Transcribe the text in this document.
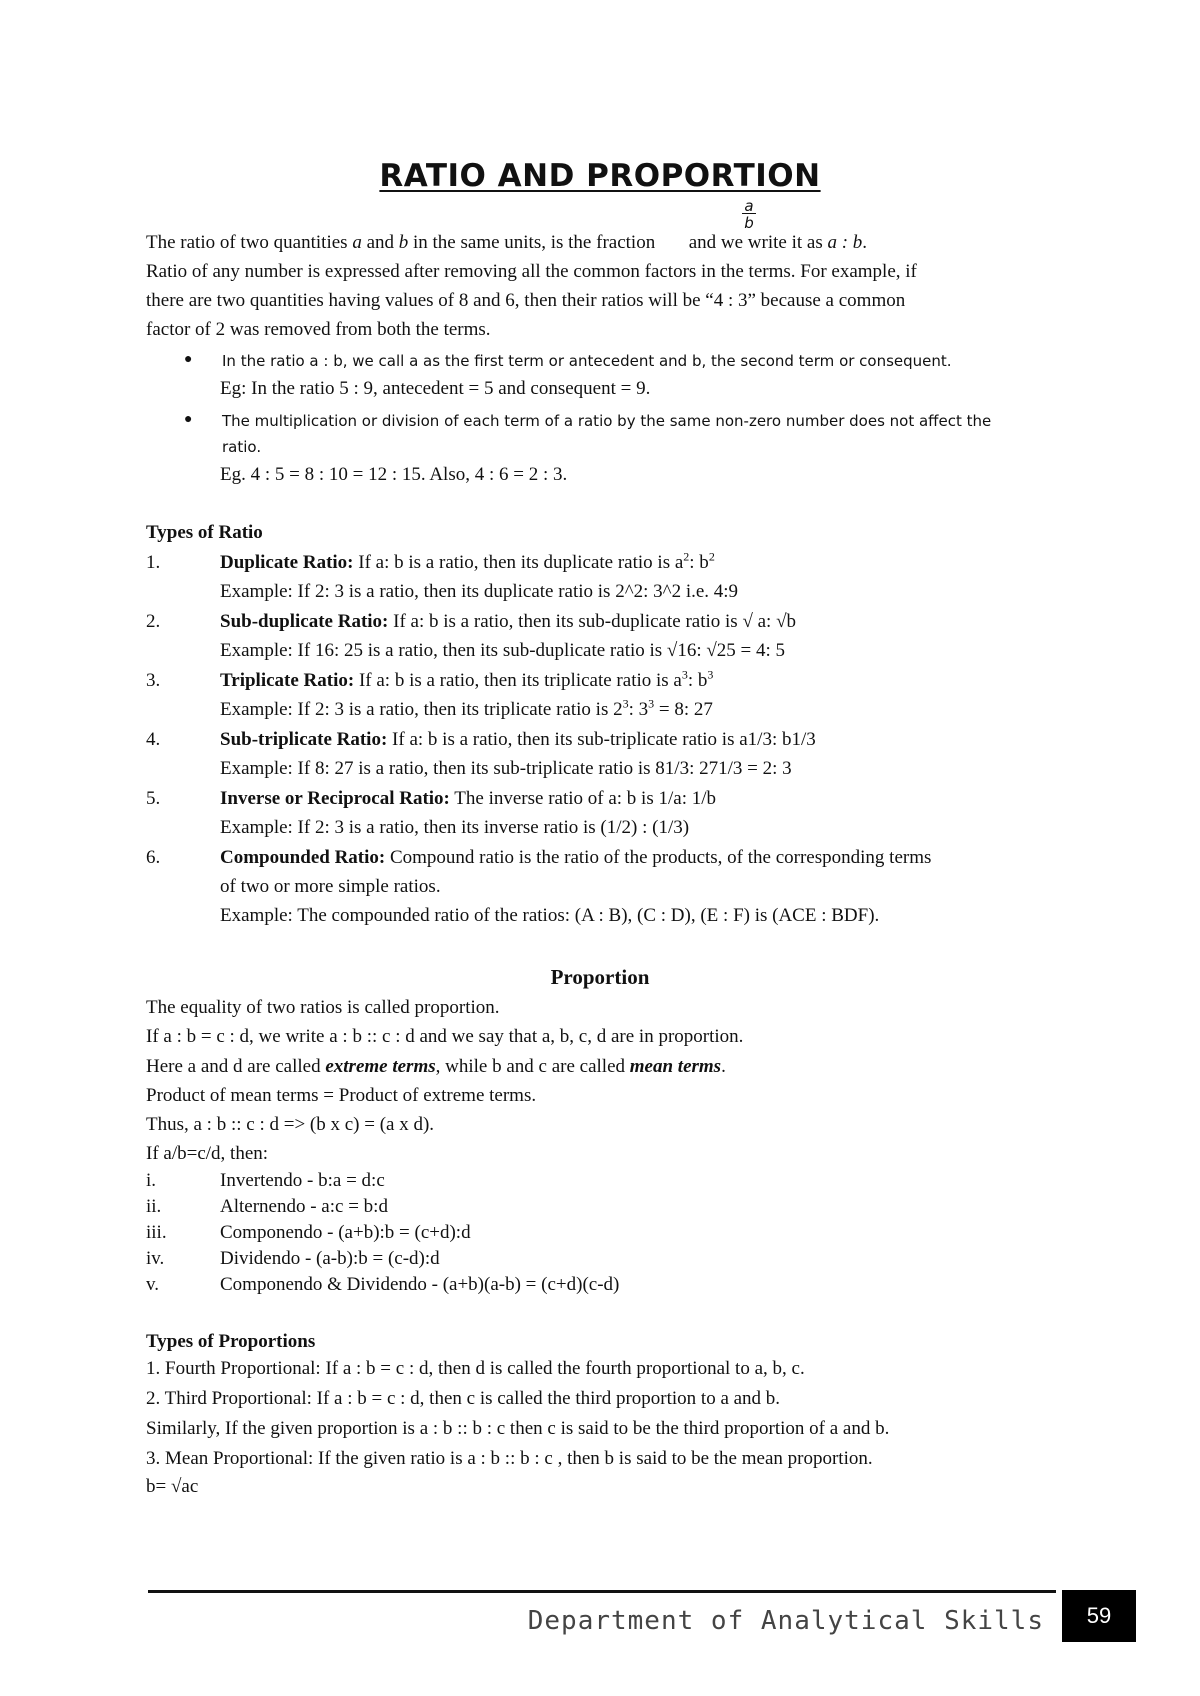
RATIO AND PROPORTION
$\frac{a}{b}$
The ratio of two quantities a and b in the same units, is the fraction  and we write it as a : b.
Ratio of any number is expressed after removing all the common factors in the terms. For example, if
there are two quantities having values of 8 and 6, then their ratios will be “4 : 3” because a common
factor of 2 was removed from both the terms.
● In the ratio a : b, we call a as the first term or antecedent and b, the second term or consequent.
Eg: In the ratio 5 : 9, antecedent = 5 and consequent = 9.
● The multiplication or division of each term of a ratio by the same non-zero number does not affect the
ratio.
Eg. 4 : 5 = 8 : 10 = 12 : 15. Also, 4 : 6 = 2 : 3.
Types of Ratio
1.	Duplicate Ratio: If a: b is a ratio, then its duplicate ratio is $a^2$: $b^2$
Example: If 2: 3 is a ratio, then its duplicate ratio is 2^2: 3^2 i.e. 4:9
2.	Sub-duplicate Ratio: If a: b is a ratio, then its sub-duplicate ratio is √ a: √b
Example: If 16: 25 is a ratio, then its sub-duplicate ratio is √16: √25 = 4: 5
3.	Triplicate Ratio: If a: b is a ratio, then its triplicate ratio is $a^3$: $b^3$
Example: If 2: 3 is a ratio, then its triplicate ratio is $2^3$: $3^3 = 8$: 27
4.	Sub-triplicate Ratio: If a: b is a ratio, then its sub-triplicate ratio is a1/3: b1/3
Example: If 8: 27 is a ratio, then its sub-triplicate ratio is 81/3: 271/3 = 2: 3
5.	Inverse or Reciprocal Ratio: The inverse ratio of a: b is 1/a: 1/b
Example: If 2: 3 is a ratio, then its inverse ratio is (1/2) : (1/3)
6.	Compounded Ratio: Compound ratio is the ratio of the products, of the corresponding terms
of two or more simple ratios.
Example: The compounded ratio of the ratios: (A : B), (C : D), (E : F) is (ACE : BDF).
Proportion
The equality of two ratios is called proportion.
If a : b = c : d, we write a : b :: c : d and we say that a, b, c, d are in proportion.
Here a and d are called extreme terms, while b and c are called mean terms.
Product of mean terms = Product of extreme terms.
Thus, a : b :: c : d => (b x c) = (a x d).
If a/b=c/d, then:
i.	Invertendo - b:a = d:c
ii.	Alternendo - a:c = b:d
iii.	Componendo - (a+b):b = (c+d):d
iv.	Dividendo - (a-b):b = (c-d):d
v.	Componendo & Dividendo - (a+b)(a-b) = (c+d)(c-d)
Types of Proportions
1. Fourth Proportional: If a : b = c : d, then d is called the fourth proportional to a, b, c.
2. Third Proportional: If a : b = c : d, then c is called the third proportion to a and b.
Similarly, If the given proportion is a : b :: b : c then c is said to be the third proportion of a and b.
3. Mean Proportional: If the given ratio is a : b :: b : c , then b is said to be the mean proportion.
b= √ac
Department of Analytical Skills	59
